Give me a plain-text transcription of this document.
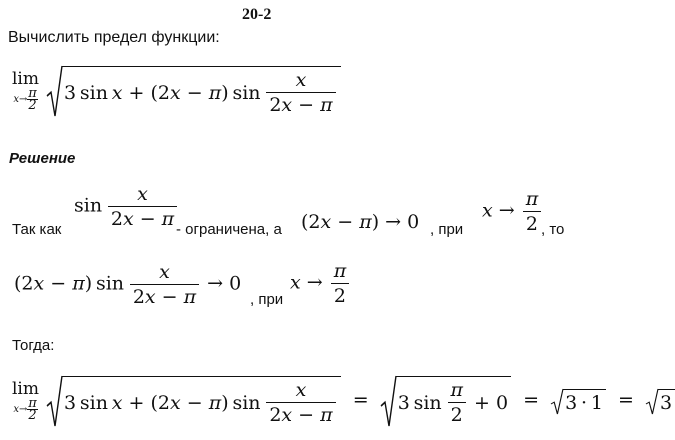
20-2
Вычислить предел функции:
lim
$x\to \frac{\pi}{2}$
3 sin  x + (2 x − π ) $\sin \frac{x}{2x - \pi}$
Решение
Так как
$\sin \frac{x}{2x - \pi}$
- ограничена, а (2x − π) → 0 , при
$x \to \frac{\pi}{2}$ , то
(2x − π) $\sin \frac{x}{2x - \pi} \to 0$
, при
$x \to \frac{\pi}{2}$
Тогда:
lim
$x\to \frac{\pi}{2}$
3 sin  x + (2 x − π ) $\sin \frac{x}{2x - \pi} = 3$ $\sin \frac{\pi}{2} + 0 = 3 \cdot 1 = 3$
